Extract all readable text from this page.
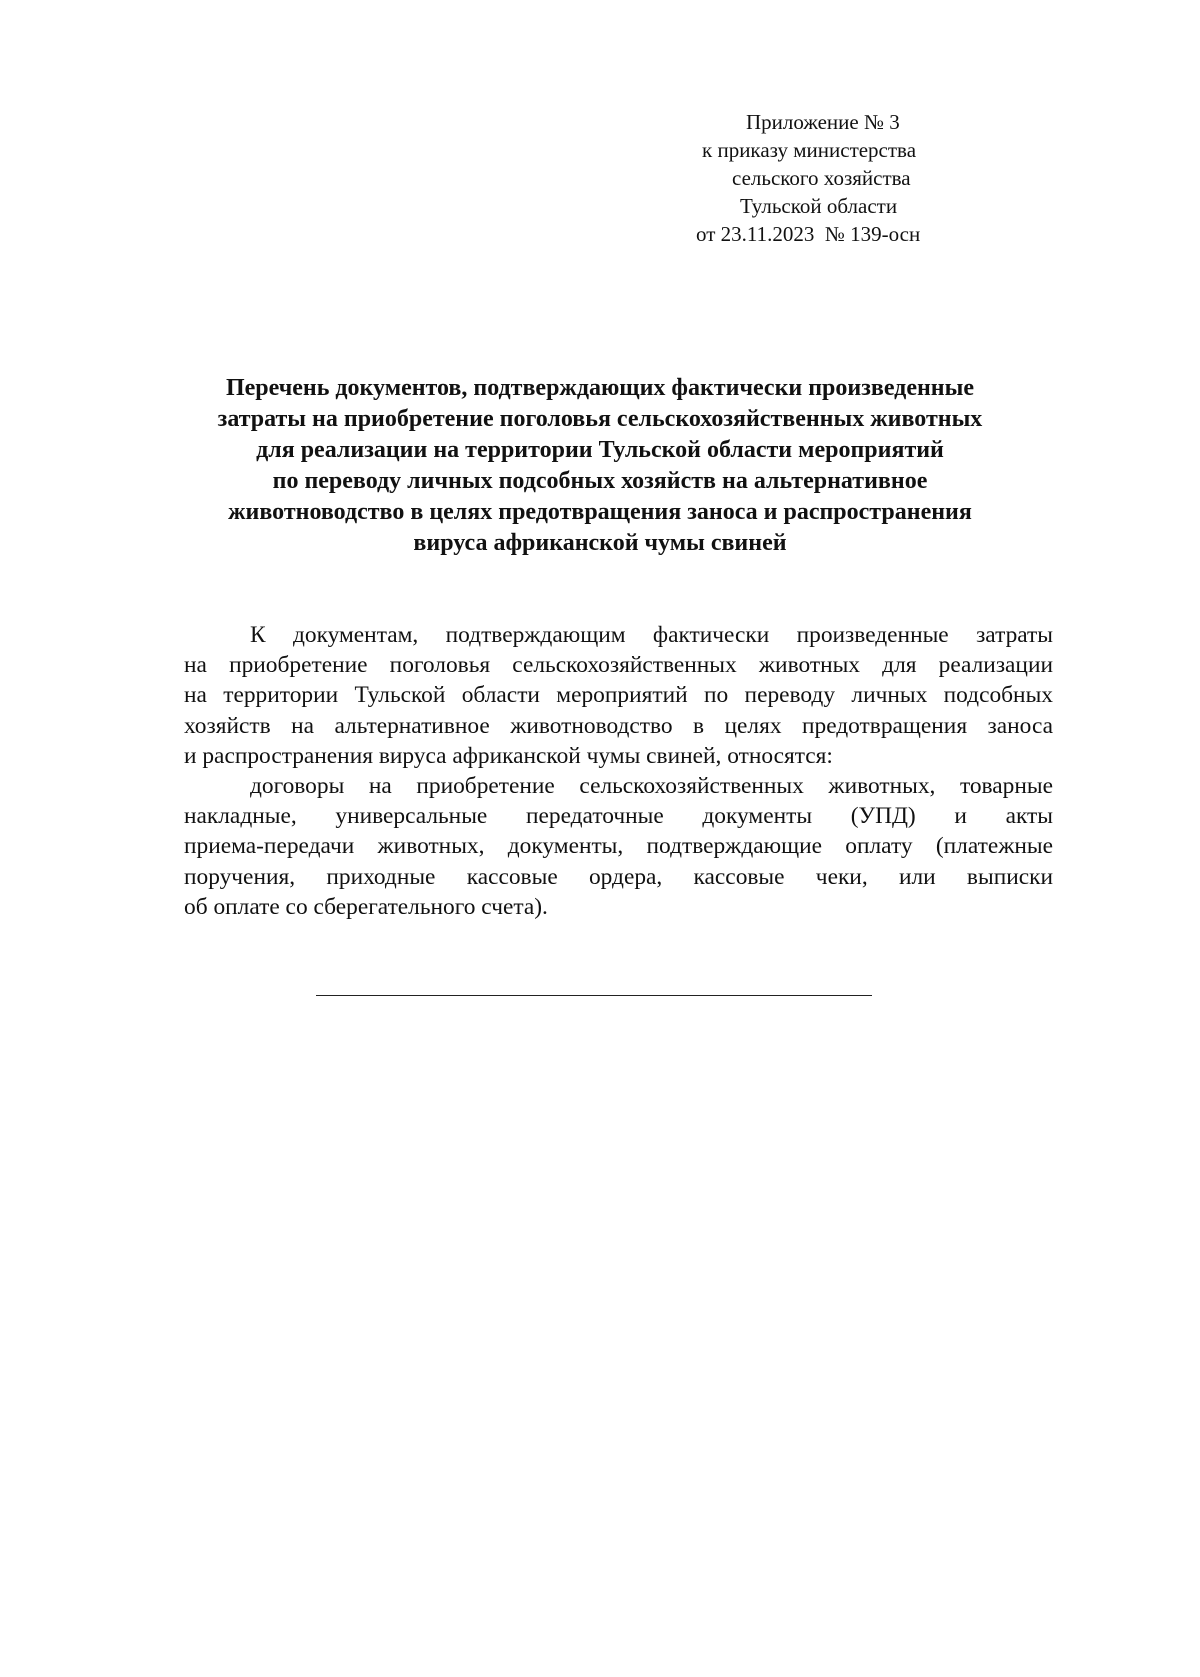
Приложение № 3
к приказу министерства
сельского хозяйства
Тульской области
от 23.11.2023  № 139-осн
Перечень документов, подтверждающих фактически произведенные
затраты на приобретение поголовья сельскохозяйственных животных
для реализации на территории Тульской области мероприятий
по переводу личных подсобных хозяйств на альтернативное
животноводство в целях предотвращения заноса и распространения
вируса африканской чумы свиней
К документам, подтверждающим фактически произведенные затраты
на приобретение поголовья сельскохозяйственных животных для реализации
на территории Тульской области мероприятий по переводу личных подсобных
хозяйств на альтернативное животноводство в целях предотвращения заноса
и распространения вируса африканской чумы свиней, относятся:
договоры на приобретение сельскохозяйственных животных, товарные
накладные, универсальные передаточные документы (УПД) и акты
приема-передачи животных, документы, подтверждающие оплату (платежные
поручения, приходные кассовые ордера, кассовые чеки, или выписки
об оплате со сберегательного счета).
